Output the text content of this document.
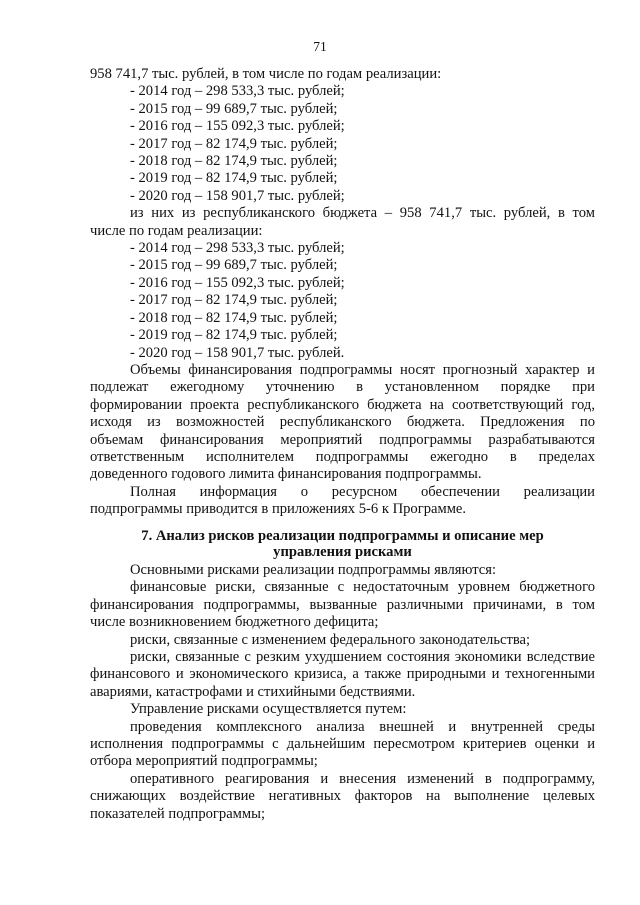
71

958 741,7 тыс. рублей, в том числе по годам реализации:

- 2014 год – 298 533,3 тыс. рублей;

- 2015 год – 99 689,7 тыс. рублей;

- 2016 год – 155 092,3 тыс. рублей;

- 2017 год – 82 174,9 тыс. рублей;

- 2018 год – 82 174,9 тыс. рублей;

- 2019 год – 82 174,9 тыс. рублей;

- 2020 год – 158 901,7 тыс. рублей;

из них из республиканского бюджета – 958 741,7 тыс. рублей, в том

числе по годам реализации:

- 2014 год – 298 533,3 тыс. рублей;

- 2015 год – 99 689,7 тыс. рублей;

- 2016 год – 155 092,3 тыс. рублей;

- 2017 год – 82 174,9 тыс. рублей;

- 2018 год – 82 174,9 тыс. рублей;

- 2019 год – 82 174,9 тыс. рублей;

- 2020 год – 158 901,7 тыс. рублей.

Объемы финансирования подпрограммы носят прогнозный характер и

подлежат ежегодному уточнению в установленном порядке при

формировании проекта республиканского бюджета на соответствующий год,

исходя из возможностей республиканского бюджета. Предложения по

объемам финансирования мероприятий подпрограммы разрабатываются

ответственным исполнителем подпрограммы ежегодно в пределах

доведенного годового лимита финансирования подпрограммы.

Полная информация о ресурсном обеспечении реализации

подпрограммы приводится в приложениях 5-6 к Программе.

7. Анализ рисков реализации подпрограммы и описание мер
управления рисками

Основными рисками реализации подпрограммы являются:

финансовые риски, связанные с недостаточным уровнем бюджетного финансирования подпрограммы, вызванные различными причинами, в том числе возникновением бюджетного дефицита;

риски, связанные с изменением федерального законодательства;

риски, связанные с резким ухудшением состояния экономики вследствие финансового и экономического кризиса, а также природными и техногенными авариями, катастрофами и стихийными бедствиями.

Управление рисками осуществляется путем:

проведения комплексного анализа внешней и внутренней среды исполнения подпрограммы с дальнейшим пересмотром критериев оценки и отбора мероприятий подпрограммы;

оперативного реагирования и внесения изменений в подпрограмму, снижающих воздействие негативных факторов на выполнение целевых показателей подпрограммы;
